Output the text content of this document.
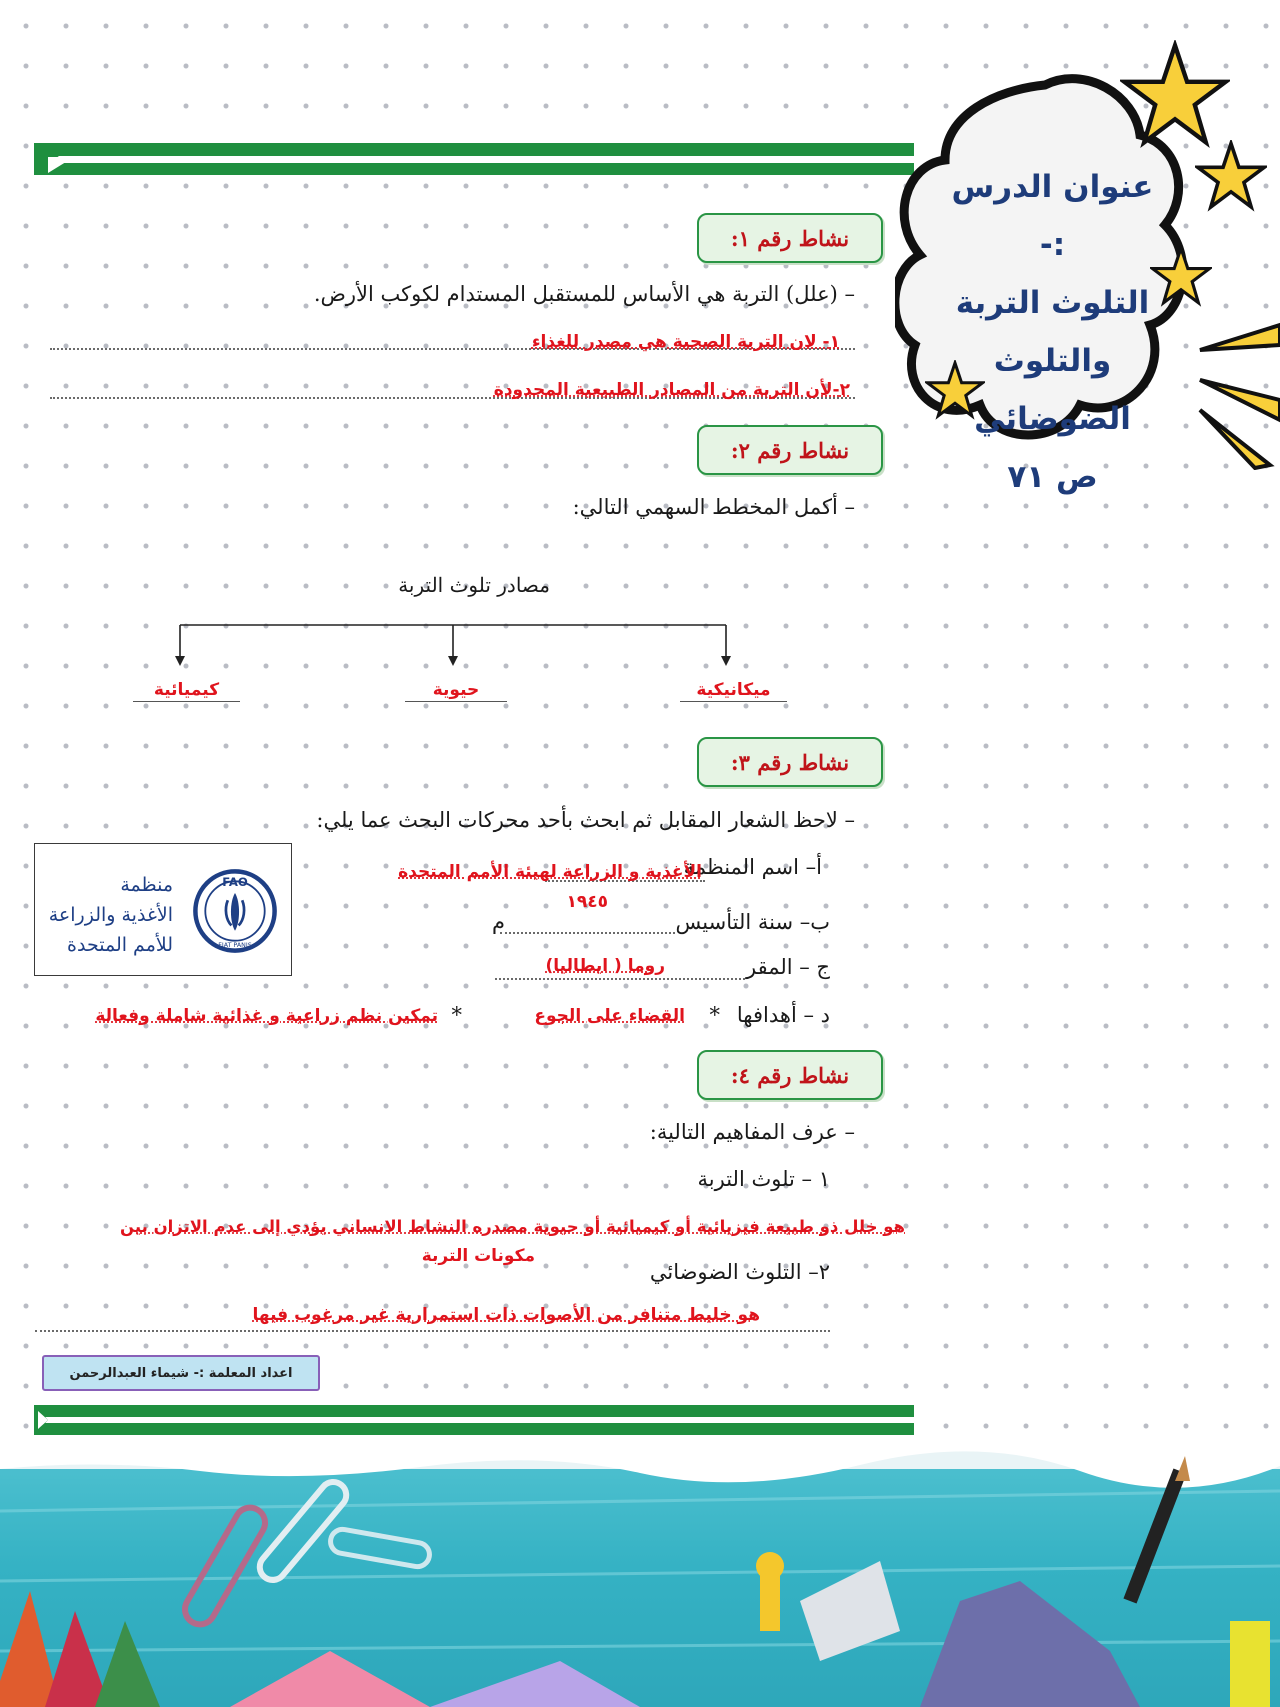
عنوان الدرس :-
التلوث التربة
والتلوث
الضوضائي
ص ٧١
نشاط رقم ١:
– (علل) التربة هي الأساس للمستقبل المستدام لكوكب الأرض.
١- لان التربة الصحية هي مصدر للغذاء
٢-لأن التربة من المصادر الطبيعية المحدودة
نشاط رقم ٢:
– أكمل المخطط السهمي التالي:
مصادر تلوث التربة
ميكانيكية
حيوية
كيميائية
نشاط رقم ٣:
– لاحظ الشعار المقابل ثم ابحث بأحد محركات البحث عما يلي:
أ– اسم المنظمة
الأغذية و الزراعة لهيئة الأمم المتحدة
١٩٤٥
ب– سنة التأسيس
م
ج – المقر
روما ( ايطاليا)
د – أهدافها
*
القضاء على الجوع
*
تمكين نظم زراعية و غذائية شاملة وفعالة
FAO
FIAT PANIS
منظمة
الأغذية والزراعة
للأمم المتحدة
نشاط رقم ٤:
– عرف المفاهيم التالية:
١ – تلوث التربة
هو خلل ذو طبيعة فيزيائية أو كيميائية أو حيوية مصدره النشاط الانساني يؤدي إلى عدم الاتزان بين
مكونات التربة
٢– التلوث الضوضائي
هو خليط متنافر من الأصوات ذات استمرارية غير مرغوب فيها
اعداد المعلمة :- شيماء العبدالرحمن
